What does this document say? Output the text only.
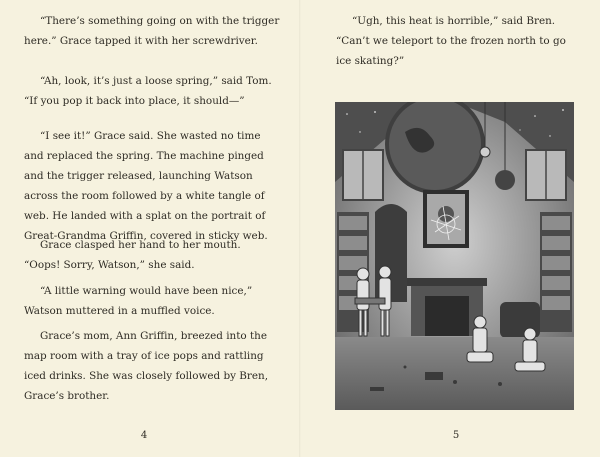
“There’s something going on with the trigger
here.” Grace tapped it with her screwdriver.

“Ah, look, it’s just a loose spring,” said Tom.
“If you pop it back into place, it should—”

“I see it!” Grace said. She wasted no time
and replaced the spring. The machine pinged
and the trigger released, launching Watson
across the room followed by a white tangle of
web. He landed with a splat on the portrait of
Great-Grandma Griffin, covered in sticky web.

Grace clasped her hand to her mouth.
“Oops! Sorry, Watson,” she said.

“A little warning would have been nice,”
Watson muttered in a muffled voice.

Grace’s mom, Ann Griffin, breezed into the
map room with a tray of ice pops and rattling
iced drinks. She was closely followed by Bren,
Grace’s brother.

4

“Ugh, this heat is horrible,” said Bren.
“Can’t we teleport to the frozen north to go
ice skating?”

5
